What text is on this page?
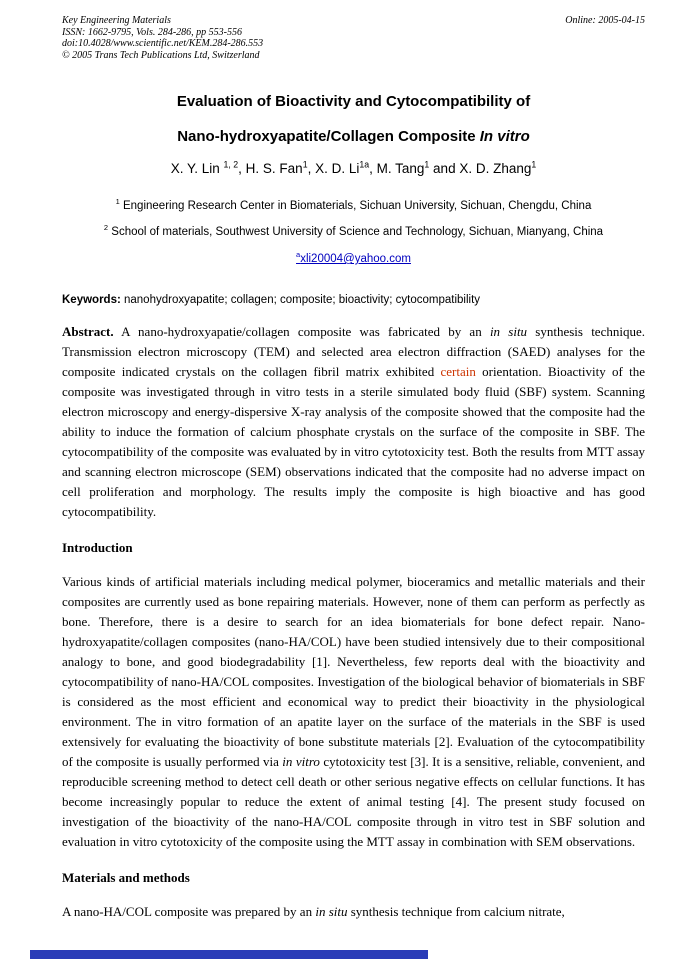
Key Engineering Materials
ISSN: 1662-9795, Vols. 284-286, pp 553-556
doi:10.4028/www.scientific.net/KEM.284-286.553
© 2005 Trans Tech Publications Ltd, Switzerland
Online: 2005-04-15
Evaluation of Bioactivity and Cytocompatibility of
Nano-hydroxyapatite/Collagen Composite In vitro

X. Y. Lin $^{1, 2}$, H. S. Fan$^1$, X. D. $Li^{1a}$, M. Tang$^1$ and X. D. Zhang$^1$

$^1$ Engineering Research Center in Biomaterials, Sichuan University, Sichuan, Chengdu, China

$^2$ School of materials, Southwest University of Science and Technology, Sichuan, Mianyang, China

$^a$xli20004@yahoo.com

Keywords: nanohydroxyapatite; collagen; composite; bioactivity; cytocompatibility

Abstract. A nano-hydroxyapatie/collagen composite was fabricated by an in situ synthesis technique. Transmission electron microscopy (TEM) and selected area electron diffraction (SAED) analyses for the composite indicated crystals on the collagen fibril matrix exhibited certain orientation. Bioactivity of the composite was investigated through in vitro tests in a sterile simulated body fluid (SBF) system. Scanning electron microscopy and energy-dispersive X-ray analysis of the composite showed that the composite had the ability to induce the formation of calcium phosphate crystals on the surface of the composite in SBF. The cytocompatibility of the composite was evaluated by in vitro cytotoxicity test. Both the results from MTT assay and scanning electron microscope (SEM) observations indicated that the composite had no adverse impact on cell proliferation and morphology. The results imply the composite is high bioactive and has good cytocompatibility.

Introduction

Various kinds of artificial materials including medical polymer, bioceramics and metallic materials and their composites are currently used as bone repairing materials. However, none of them can perform as perfectly as bone. Therefore, there is a desire to search for an idea biomaterials for bone defect repair. Nano-hydroxyapatite/collagen composites (nano-HA/COL) have been studied intensively due to their compositional analogy to bone, and good biodegradability [1]. Nevertheless, few reports deal with the bioactivity and cytocompatibility of nano-HA/COL composites. Investigation of the biological behavior of biomaterials in SBF is considered as the most efficient and economical way to predict their bioactivity in the physiological environment. The in vitro formation of an apatite layer on the surface of the materials in the SBF is used extensively for evaluating the bioactivity of bone substitute materials [2]. Evaluation of the cytocompatibility of the composite is usually performed via in vitro cytotoxicity test [3]. It is a sensitive, reliable, convenient, and reproducible screening method to detect cell death or other serious negative effects on cellular functions. It has become increasingly popular to reduce the extent of animal testing [4]. The present study focused on investigation of the bioactivity of the nano-HA/COL composite through in vitro test in SBF solution and evaluation in vitro cytotoxicity of the composite using the MTT assay in combination with SEM observations.

Materials and methods

A nano-HA/COL composite was prepared by an in situ synthesis technique from calcium nitrate,
